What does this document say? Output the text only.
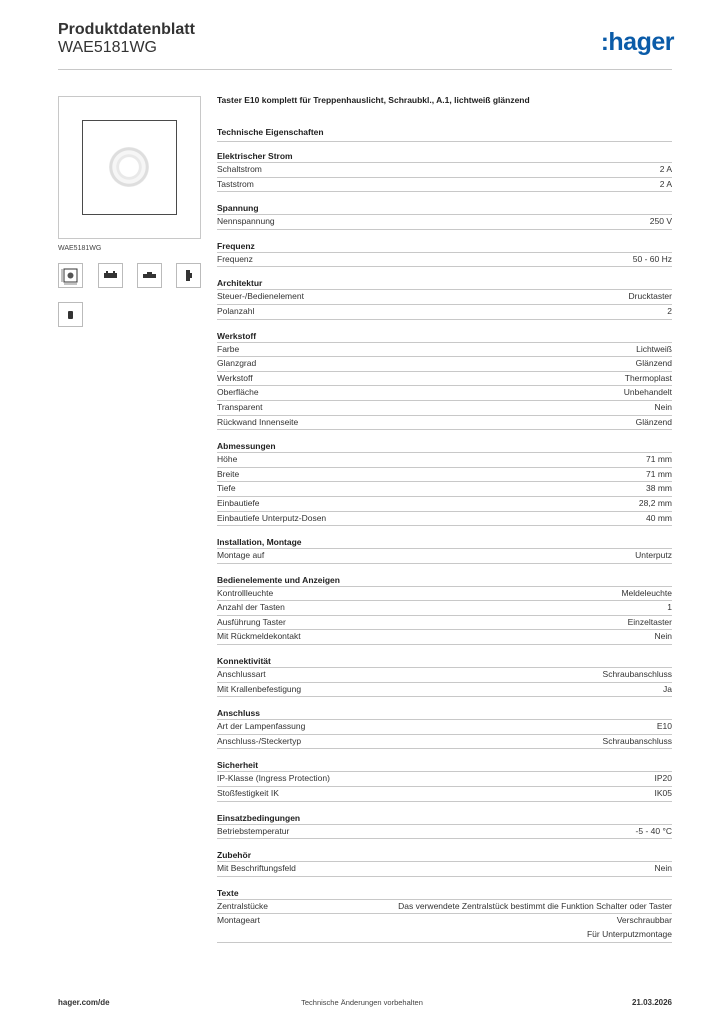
Produktdatenblatt
WAE5181WG	:hager
WAE5181WG
Taster E10 komplett für Treppenhauslicht, Schraubkl., A.1, lichtweiß glänzend
Technische Eigenschaften
Elektrischer Strom
Schaltstrom	2 A
Taststrom	2 A
Spannung
Nennspannung	250 V
Frequenz
Frequenz	50 - 60 Hz
Architektur
Steuer-/Bedienelement	Drucktaster
Polanzahl	2
Werkstoff
Farbe	Lichtweiß
Glanzgrad	Glänzend
Werkstoff	Thermoplast
Oberfläche	Unbehandelt
Transparent	Nein
Rückwand Innenseite	Glänzend
Abmessungen
Höhe	71 mm
Breite	71 mm
Tiefe	38 mm
Einbautiefe	28,2 mm
Einbautiefe Unterputz-Dosen	40 mm
Installation, Montage
Montage auf	Unterputz
Bedienelemente und Anzeigen
Kontrollleuchte	Meldeleuchte
Anzahl der Tasten	1
Ausführung Taster	Einzeltaster
Mit Rückmeldekontakt	Nein
Konnektivität
Anschlussart	Schraubanschluss
Mit Krallenbefestigung	Ja
Anschluss
Art der Lampenfassung	E10
Anschluss-/Steckertyp	Schraubanschluss
Sicherheit
IP-Klasse (Ingress Protection)	IP20
Stoßfestigkeit IK	IK05
Einsatzbedingungen
Betriebstemperatur	-5 - 40 °C
Zubehör
Mit Beschriftungsfeld	Nein
Texte
Zentralstücke	Das verwendete Zentralstück bestimmt die Funktion Schalter oder Taster
Montageart	Verschraubbar
Für Unterputzmontage
hager.com/de	Technische Änderungen vorbehalten	21.03.2026
